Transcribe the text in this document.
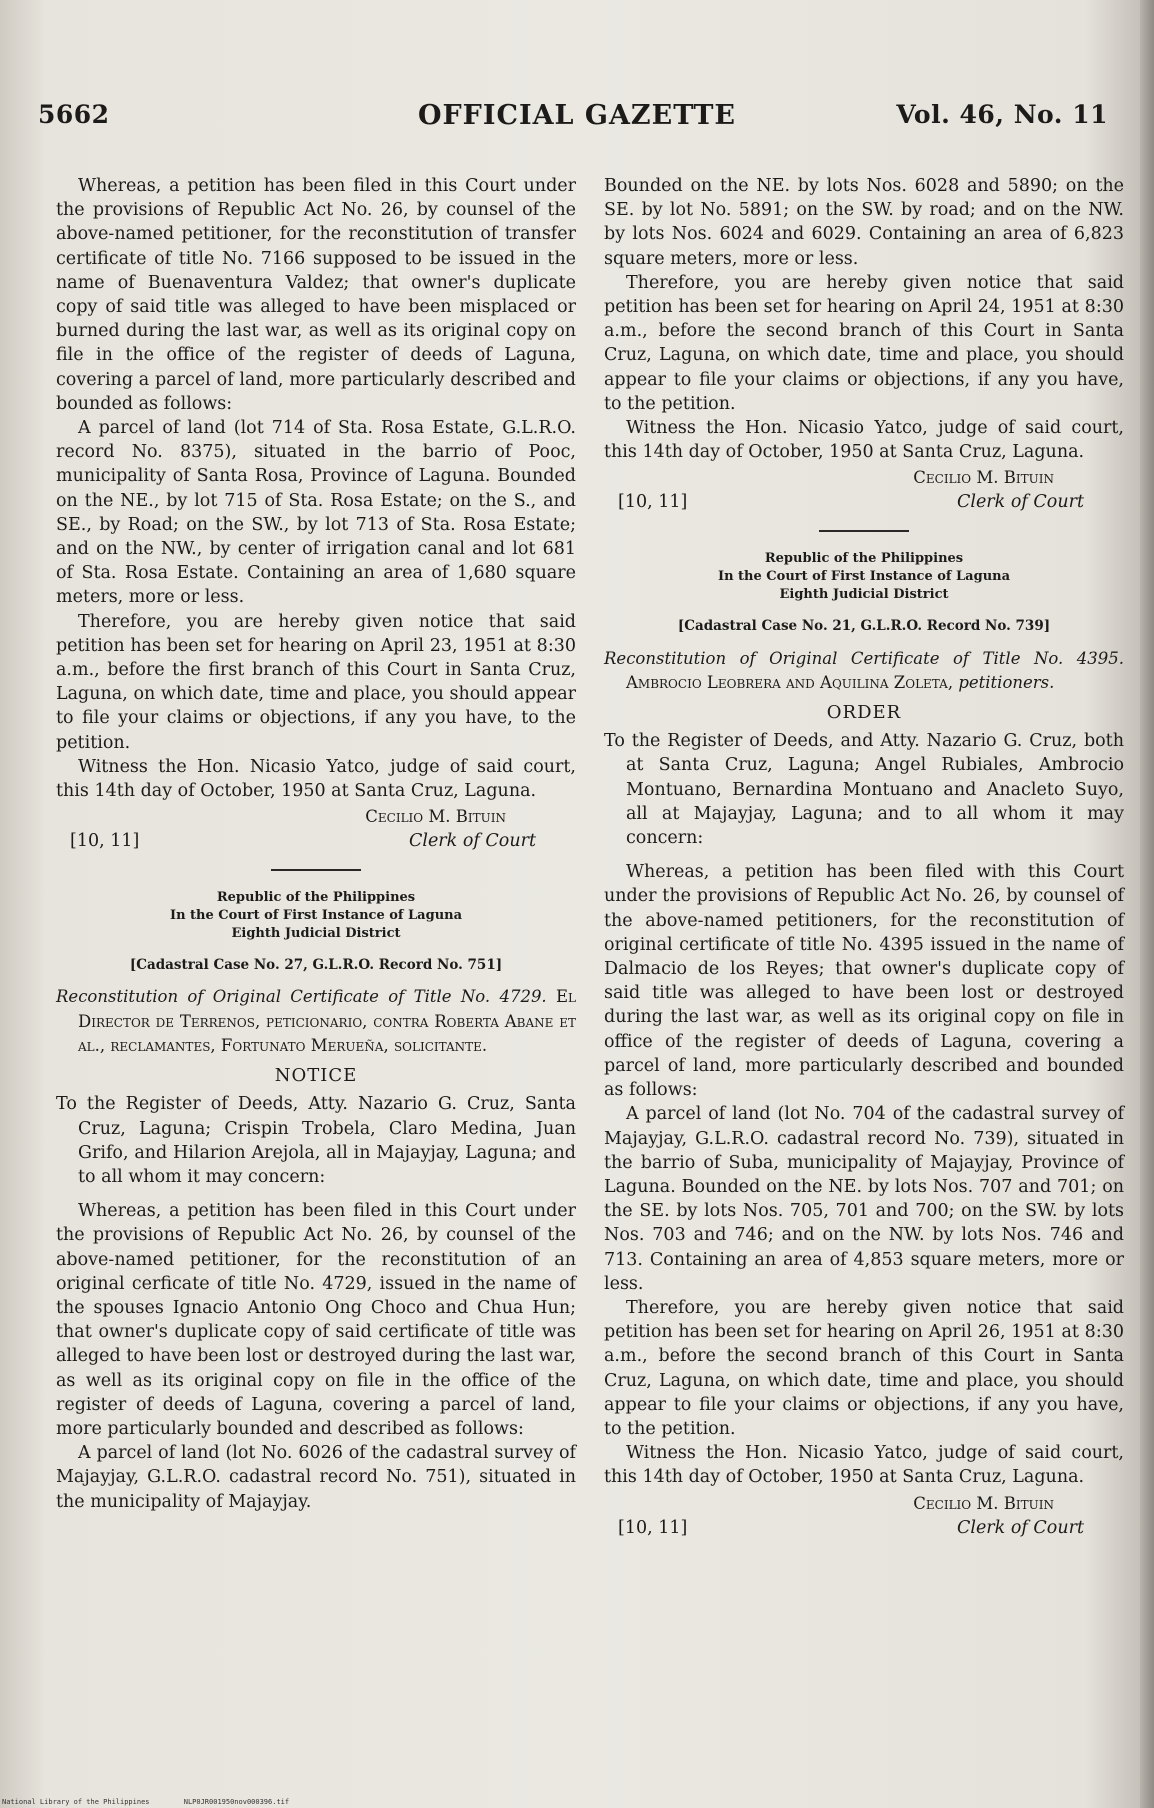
OFFICIAL GAZETTE
5662	Vol. 46, No. 11

Whereas, a petition has been filed in this Court under the provisions of Republic Act No. 26, by counsel of the above-named petitioner, for the reconstitution of transfer certificate of title No. 7166 supposed to be issued in the name of Buenaventura Valdez; that owner's duplicate copy of said title was alleged to have been misplaced or burned during the last war, as well as its original copy on file in the office of the register of deeds of Laguna, covering a parcel of land, more particularly described and bounded as follows:

A parcel of land (lot 714 of Sta. Rosa Estate, G.L.R.O. record No. 8375), situated in the barrio of Pooc, municipality of Santa Rosa, Province of Laguna. Bounded on the NE., by lot 715 of Sta. Rosa Estate; on the S., and SE., by Road; on the SW., by lot 713 of Sta. Rosa Estate; and on the NW., by center of irrigation canal and lot 681 of Sta. Rosa Estate. Containing an area of 1,680 square meters, more or less.

Therefore, you are hereby given notice that said petition has been set for hearing on April 23, 1951 at 8:30 a.m., before the first branch of this Court in Santa Cruz, Laguna, on which date, time and place, you should appear to file your claims or objections, if any you have, to the petition.

Witness the Hon. Nicasio Yatco, judge of said court, this 14th day of October, 1950 at Santa Cruz, Laguna.

Cecilio M. Bituin
Clerk of Court
[10, 11]
Republic of the Philippines
In the Court of First Instance of Laguna
Eighth Judicial District
[Cadastral Case No. 27, G.L.R.O. Record No. 751]

Reconstitution of Original Certificate of Title No. 4729. El Director de Terrenos, peticionario, contra Roberta Abane et al., reclamantes, Fortunato Merueña, solicitante.

NOTICE

To the Register of Deeds, Atty. Nazario G. Cruz, Santa Cruz, Laguna; Crispin Trobela, Claro Medina, Juan Grifo, and Hilarion Arejola, all in Majayjay, Laguna; and to all whom it may concern:

Whereas, a petition has been filed in this Court under the provisions of Republic Act No. 26, by counsel of the above-named petitioner, for the reconstitution of an original cerficate of title No. 4729, issued in the name of the spouses Ignacio Antonio Ong Choco and Chua Hun; that owner's duplicate copy of said certificate of title was alleged to have been lost or destroyed during the last war, as well as its original copy on file in the office of the register of deeds of Laguna, covering a parcel of land, more particularly bounded and described as follows:

A parcel of land (lot No. 6026 of the cadastral survey of Majayjay, G.L.R.O. cadastral record No. 751), situated in the municipality of Majayjay.

Bounded on the NE. by lots Nos. 6028 and 5890; on the SE. by lot No. 5891; on the SW. by road; and on the NW. by lots Nos. 6024 and 6029. Containing an area of 6,823 square meters, more or less.

Therefore, you are hereby given notice that said petition has been set for hearing on April 24, 1951 at 8:30 a.m., before the second branch of this Court in Santa Cruz, Laguna, on which date, time and place, you should appear to file your claims or objections, if any you have, to the petition.

Witness the Hon. Nicasio Yatco, judge of said court, this 14th day of October, 1950 at Santa Cruz, Laguna.

Cecilio M. Bituin
Clerk of Court
[10, 11]
Republic of the Philippines
In the Court of First Instance of Laguna
Eighth Judicial District
[Cadastral Case No. 21, G.L.R.O. Record No. 739]

Reconstitution of Original Certificate of Title No. 4395. Ambrocio Leobrera and Aquilina Zoleta, petitioners.

ORDER

To the Register of Deeds, and Atty. Nazario G. Cruz, both at Santa Cruz, Laguna; Angel Rubiales, Ambrocio Montuano, Bernardina Montuano and Anacleto Suyo, all at Majayjay, Laguna; and to all whom it may concern:

Whereas, a petition has been filed with this Court under the provisions of Republic Act No. 26, by counsel of the above-named petitioners, for the reconstitution of original certificate of title No. 4395 issued in the name of Dalmacio de los Reyes; that owner's duplicate copy of said title was alleged to have been lost or destroyed during the last war, as well as its original copy on file in office of the register of deeds of Laguna, covering a parcel of land, more particularly described and bounded as follows:

A parcel of land (lot No. 704 of the cadastral survey of Majayjay, G.L.R.O. cadastral record No. 739), situated in the barrio of Suba, municipality of Majayjay, Province of Laguna. Bounded on the NE. by lots Nos. 707 and 701; on the SE. by lots Nos. 705, 701 and 700; on the SW. by lots Nos. 703 and 746; and on the NW. by lots Nos. 746 and 713. Containing an area of 4,853 square meters, more or less.

Therefore, you are hereby given notice that said petition has been set for hearing on April 26, 1951 at 8:30 a.m., before the second branch of this Court in Santa Cruz, Laguna, on which date, time and place, you should appear to file your claims or objections, if any you have, to the petition.

Witness the Hon. Nicasio Yatco, judge of said court, this 14th day of October, 1950 at Santa Cruz, Laguna.

Cecilio M. Bituin
Clerk of Court
[10, 11]
National Library of the Philippines	NLP0JR001950nov000396.tif
